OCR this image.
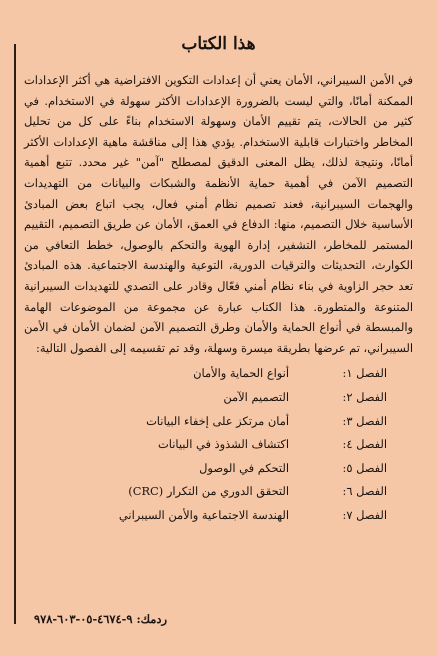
هذا الكتاب

في الأمن السيبراني، الأمان يعني أن إعدادات التكوين الافتراضية هي أكثر الإعدادات الممكنة أمانًا، والتي ليست بالضرورة الإعدادات الأكثر سهولة في الاستخدام. في كثير من الحالات، يتم تقييم الأمان وسهولة الاستخدام بناءً على كل من تحليل المخاطر واختبارات قابلية الاستخدام. يؤدي هذا إلى مناقشة ماهية الإعدادات الأكثر أمانًا، ونتيجة لذلك، يظل المعنى الدقيق لمصطلح "آمن" غير محدد. تتبع أهمية التصميم الآمن في أهمية حماية الأنظمة والشبكات والبيانات من التهديدات والهجمات السيبرانية، فعند تصميم نظام أمني فعال، يجب اتباع بعض المبادئ الأساسية خلال التصميم، منها: الدفاع في العمق، الأمان عن طريق التصميم، التقييم المستمر للمخاطر، التشفير، إدارة الهوية والتحكم بالوصول، خطط التعافي من الكوارث، التحديثات والترقيات الدورية، التوعية والهندسة الاجتماعية. هذه المبادئ تعد حجر الزاوية في بناء نظام أمني فعّال وقادر على التصدي للتهديدات السيبرانية المتنوعة والمتطورة. هذا الكتاب عبارة عن مجموعة من الموضوعات الهامة والمبسطة في أنواع الحماية والأمان وطرق التصميم الآمن لضمان الأمان في الأمن السيبراني، تم عرضها بطريقة ميسرة وسهلة، وقد تم تقسيمه إلى الفصول التالية:

الفصل ١:
أنواع الحماية والأمان
الفصل ٢:
التصميم الآمن
الفصل ٣:
أمان مرتكز على إخفاء البيانات
الفصل ٤:
اكتشاف الشذوذ في البيانات
الفصل ٥:
التحكم في الوصول
الفصل ٦:
التحقق الدوري من التكرار (CRC)
الفصل ٧:
الهندسة الاجتماعية والأمن السيبراني
ردمك: ٩-٤٦٧٤-٠٥-٦٠٣-٩٧٨
